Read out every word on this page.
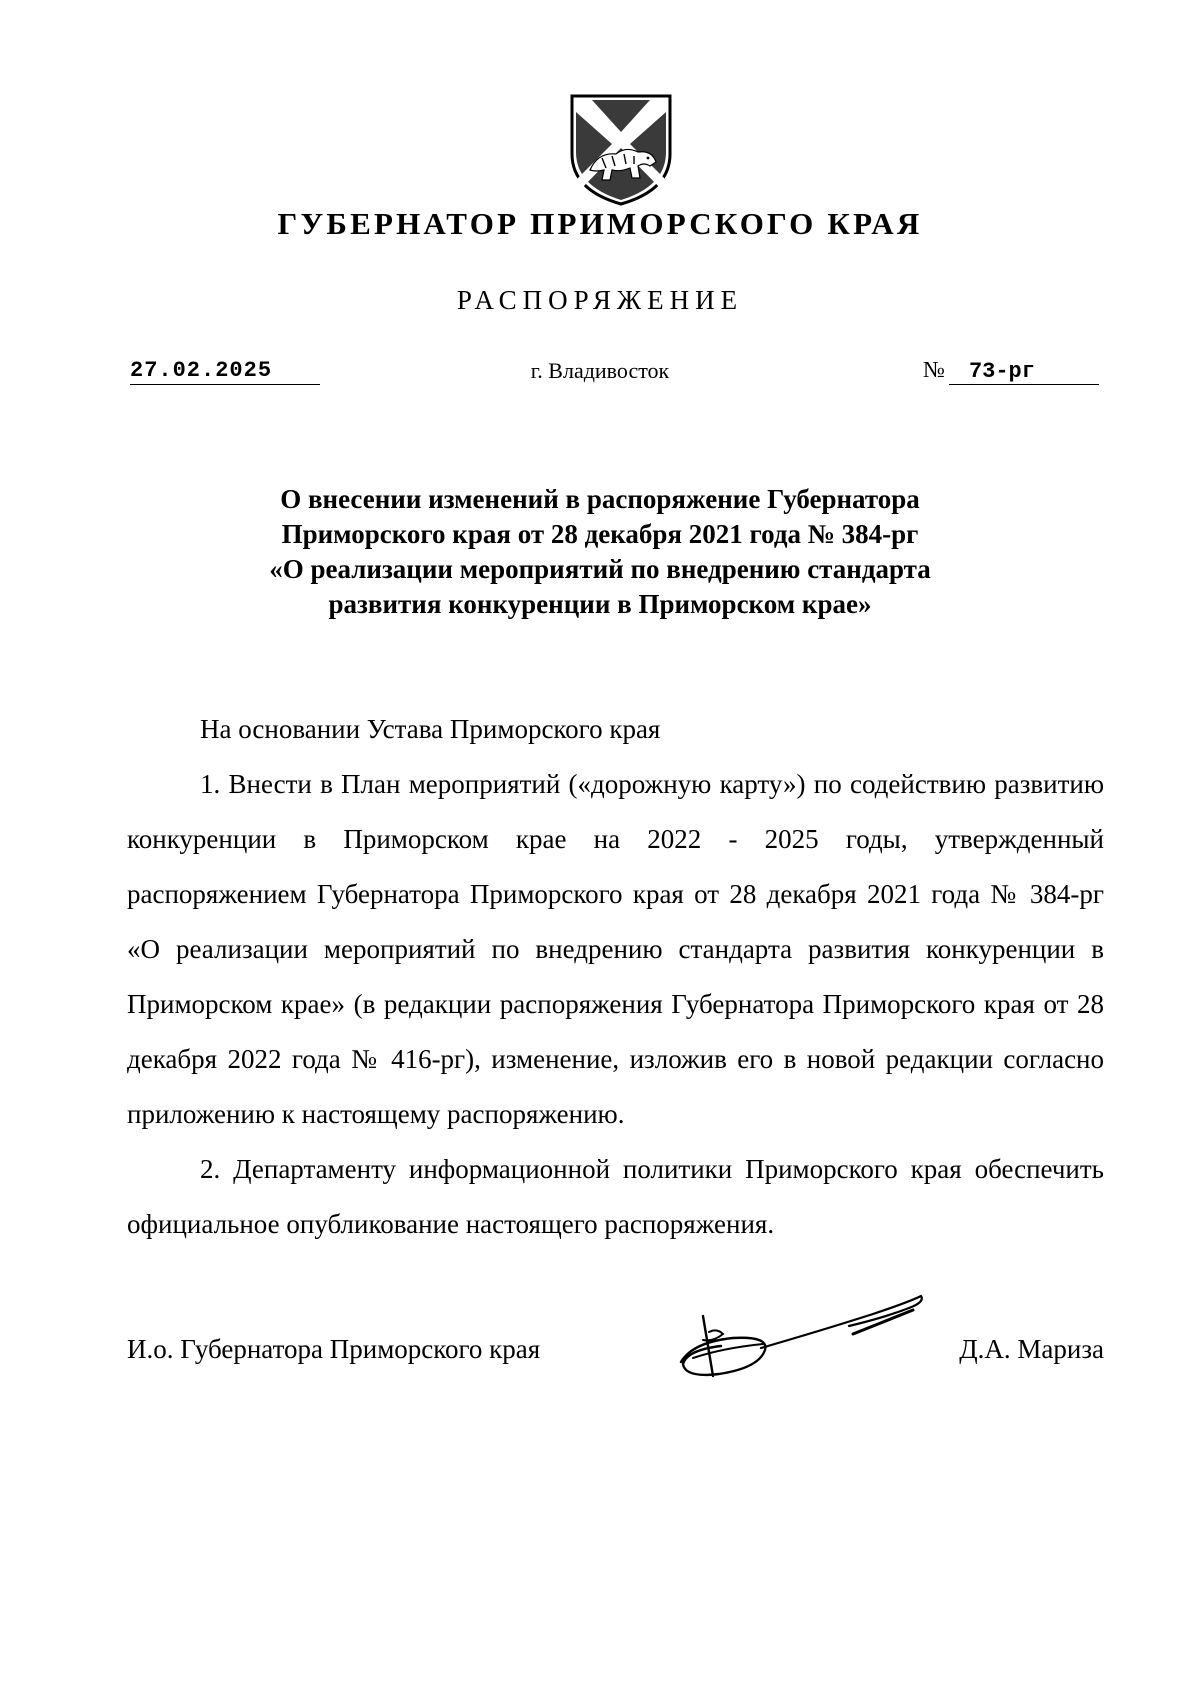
ГУБЕРНАТОР ПРИМОРСКОГО КРАЯ
РАСПОРЯЖЕНИЕ
27.02.2025	г. Владивосток	№ 73-рг
О внесении изменений в распоряжение Губернатора
Приморского края от 28 декабря 2021 года № 384-рг
«О реализации мероприятий по внедрению стандарта
развития конкуренции в Приморском крае»

На основании Устава Приморского края

1. Внести в План мероприятий («дорожную карту») по содействию развитию конкуренции в Приморском крае на 2022 - 2025 годы, утвержденный распоряжением Губернатора Приморского края от 28 декабря 2021 года № 384-рг «О реализации мероприятий по внедрению стандарта развития конкуренции в Приморском крае» (в редакции распоряжения Губернатора Приморского края от 28 декабря 2022 года № 416-рг), изменение, изложив его в новой редакции согласно приложению к настоящему распоряжению.

2. Департаменту информационной политики Приморского края обеспечить официальное опубликование настоящего распоряжения.

И.о. Губернатора Приморского края	Д.А. Мариза
